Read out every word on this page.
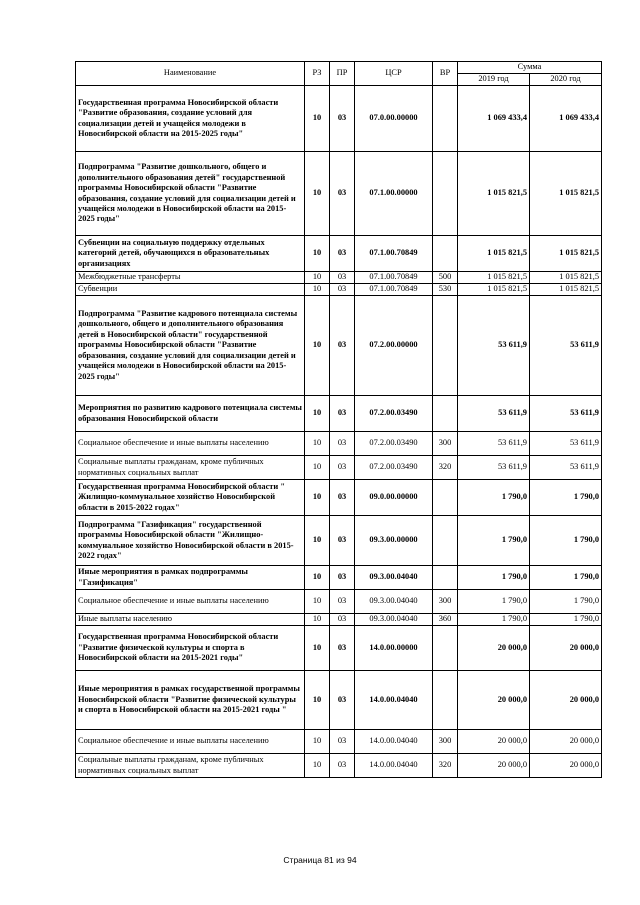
Наименование	РЗ	ПР	ЦСР	ВР	Сумма	
					2019 год	2020 год
Государственная программа Новосибирской области "Развитие образования, создание условий для социализации детей и учащейся молодежи в Новосибирской области на 2015-2025 годы"	10	03	07.0.00.00000		1 069 433,4	1 069 433,4
Подпрограмма "Развитие дошкольного, общего и дополнительного образования детей" государственной программы Новосибирской области "Развитие образования, создание условий для социализации детей и учащейся молодежи в Новосибирской области на 2015-2025 годы"	10	03	07.1.00.00000		1 015 821,5	1 015 821,5
Субвенции на социальную поддержку отдельных категорий детей, обучающихся в образовательных организациях	10	03	07.1.00.70849		1 015 821,5	1 015 821,5
Межбюджетные трансферты	10	03	07.1.00.70849	500	1 015 821,5	1 015 821,5
Субвенции	10	03	07.1.00.70849	530	1 015 821,5	1 015 821,5
Подпрограмма "Развитие кадрового потенциала системы дошкольного, общего и дополнительного образования детей в Новосибирской области" государственной программы Новосибирской области "Развитие образования, создание условий для социализации детей и учащейся молодежи в Новосибирской области на 2015-2025 годы"	10	03	07.2.00.00000		53 611,9	53 611,9
Мероприятия по развитию кадрового потенциала системы образования Новосибирской области	10	03	07.2.00.03490		53 611,9	53 611,9
Социальное обеспечение и иные выплаты населению	10	03	07.2.00.03490	300	53 611,9	53 611,9
Социальные выплаты гражданам, кроме публичных нормативных социальных выплат	10	03	07.2.00.03490	320	53 611,9	53 611,9
Государственная программа Новосибирской области " Жилищно-коммунальное хозяйство Новосибирской области в 2015-2022 годах"	10	03	09.0.00.00000		1 790,0	1 790,0
Подпрограмма "Газификация" государственной программы Новосибирской области "Жилищно-коммунальное хозяйство Новосибирской области в 2015-2022 годах"	10	03	09.3.00.00000		1 790,0	1 790,0
Иные мероприятия в рамках подпрограммы "Газификация"	10	03	09.3.00.04040		1 790,0	1 790,0
Социальное обеспечение и иные выплаты населению	10	03	09.3.00.04040	300	1 790,0	1 790,0
Иные выплаты населению	10	03	09.3.00.04040	360	1 790,0	1 790,0
Государственная программа Новосибирской области "Развитие физической культуры и спорта в Новосибирской области на 2015-2021 годы"	10	03	14.0.00.00000		20 000,0	20 000,0
Иные мероприятия в рамках государственной программы Новосибирской области "Развитие физической культуры и спорта в Новосибирской области на 2015-2021 годы "	10	03	14.0.00.04040		20 000,0	20 000,0
Социальное обеспечение и иные выплаты населению	10	03	14.0.00.04040	300	20 000,0	20 000,0
Социальные выплаты гражданам, кроме публичных нормативных социальных выплат	10	03	14.0.00.04040	320	20 000,0	20 000,0
Страница 81 из 94
